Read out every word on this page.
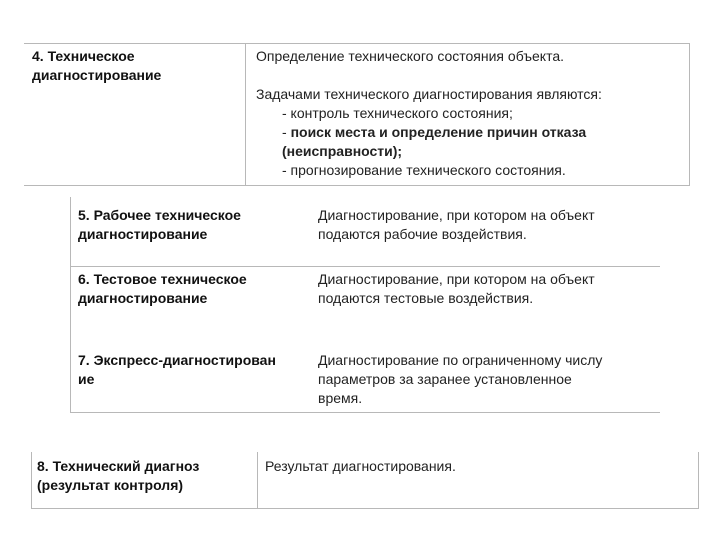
4. Техническое
диагностирование
Определение технического состояния объекта.
Задачами технического диагностирования являются:
- контроль технического состояния;
- поиск места и определение причин отказа
(неисправности);
- прогнозирование технического состояния.
5. Рабочее техническое
диагностирование
Диагностирование, при котором на объект
подаются рабочие воздействия.
6. Тестовое техническое
диагностирование
Диагностирование, при котором на объект
подаются тестовые воздействия.
7. Экспресс-диагностирован
ие
Диагностирование по ограниченному числу
параметров за заранее установленное
время.
8. Технический диагноз
(результат контроля)
Результат диагностирования.
